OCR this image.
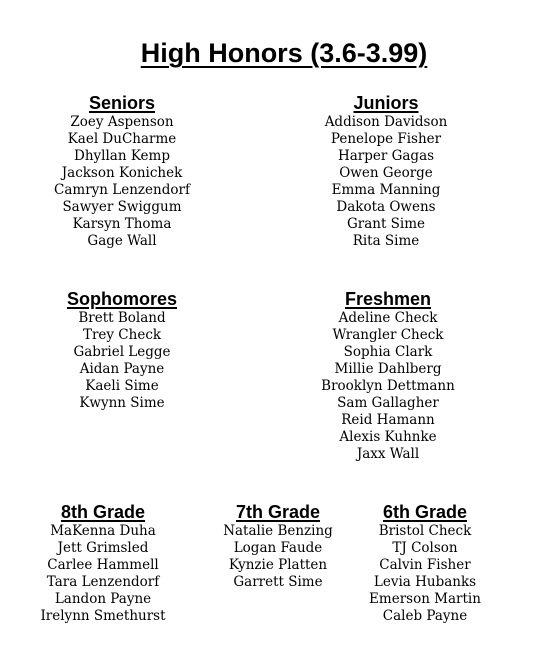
High Honors (3.6-3.99)
Seniors
Zoey Aspenson
Kael DuCharme
Dhyllan Kemp
Jackson Konichek
Camryn Lenzendorf
Sawyer Swiggum
Karsyn Thoma
Gage Wall
Juniors
Addison Davidson
Penelope Fisher
Harper Gagas
Owen George
Emma Manning
Dakota Owens
Grant Sime
Rita Sime
Sophomores
Brett Boland
Trey Check
Gabriel Legge
Aidan Payne
Kaeli Sime
Kwynn Sime
Freshmen
Adeline Check
Wrangler Check
Sophia Clark
Millie Dahlberg
Brooklyn Dettmann
Sam Gallagher
Reid Hamann
Alexis Kuhnke
Jaxx Wall
8th Grade
MaKenna Duha
Jett Grimsled
Carlee Hammell
Tara Lenzendorf
Landon Payne
Irelynn Smethurst
7th Grade
Natalie Benzing
Logan Faude
Kynzie Platten
Garrett Sime
6th Grade
Bristol Check
TJ Colson
Calvin Fisher
Levia Hubanks
Emerson Martin
Caleb Payne
